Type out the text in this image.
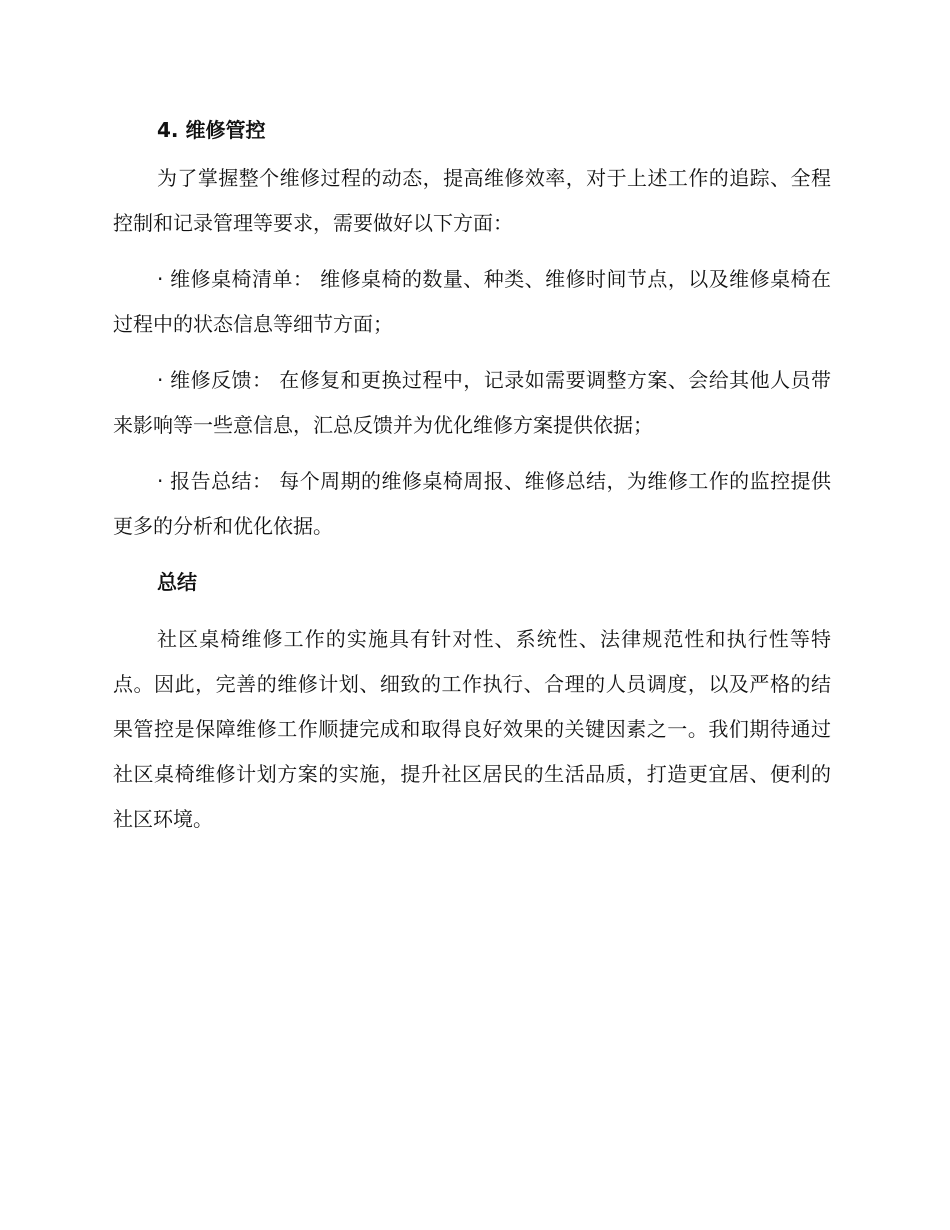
4. 维修管控

为了掌握整个维修过程的动态，提高维修效率，对于上述工作的追踪、全程控制和记录管理等要求，需要做好以下方面：

· 维修桌椅清单： 维修桌椅的数量、种类、维修时间节点，以及维修桌椅在过程中的状态信息等细节方面；

· 维修反馈： 在修复和更换过程中，记录如需要调整方案、会给其他人员带来影响等一些意信息，汇总反馈并为优化维修方案提供依据；

· 报告总结： 每个周期的维修桌椅周报、维修总结，为维修工作的监控提供更多的分析和优化依据。

总结

社区桌椅维修工作的实施具有针对性、系统性、法律规范性和执行性等特点。因此，完善的维修计划、细致的工作执行、合理的人员调度，以及严格的结果管控是保障维修工作顺捷完成和取得良好效果的关键因素之一。我们期待通过社区桌椅维修计划方案的实施，提升社区居民的生活品质，打造更宜居、便利的社区环境。
